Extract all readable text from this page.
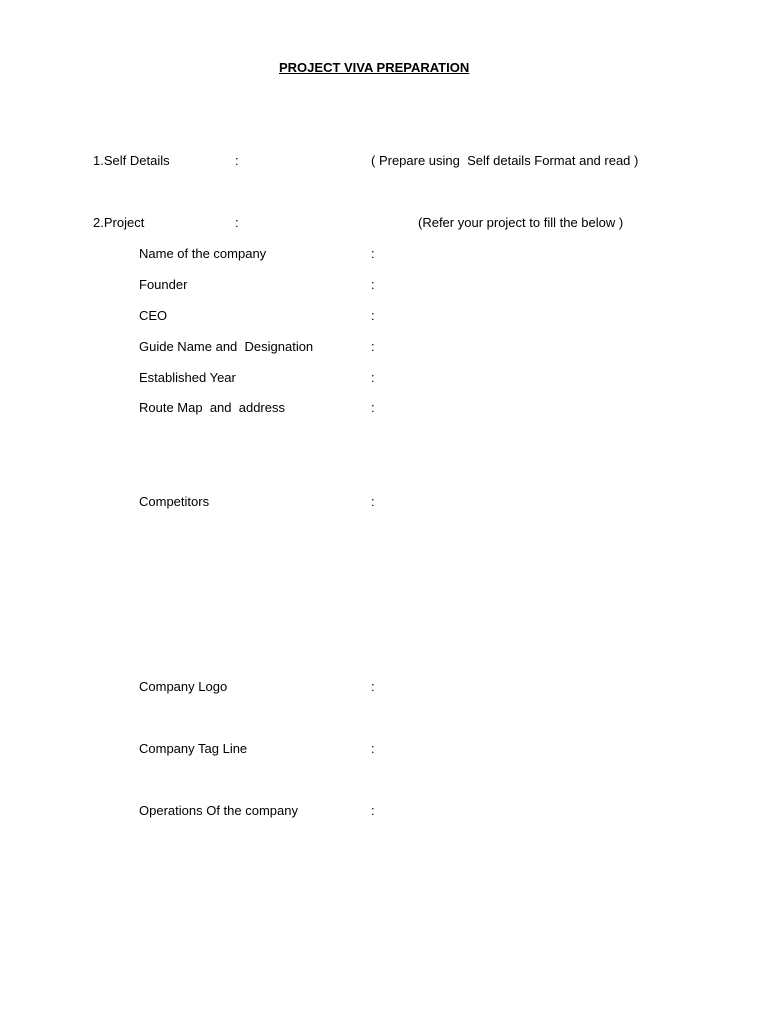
PROJECT VIVA PREPARATION
1.Self Details	:	( Prepare using  Self details Format and read )
2.Project	:	(Refer your project to fill the below )
Name of the company	:
Founder	:
CEO	:
Guide Name and  Designation	:
Established Year	:
Route Map  and  address	:
Competitors	:
Company Logo	:
Company Tag Line	:
Operations Of the company	:
